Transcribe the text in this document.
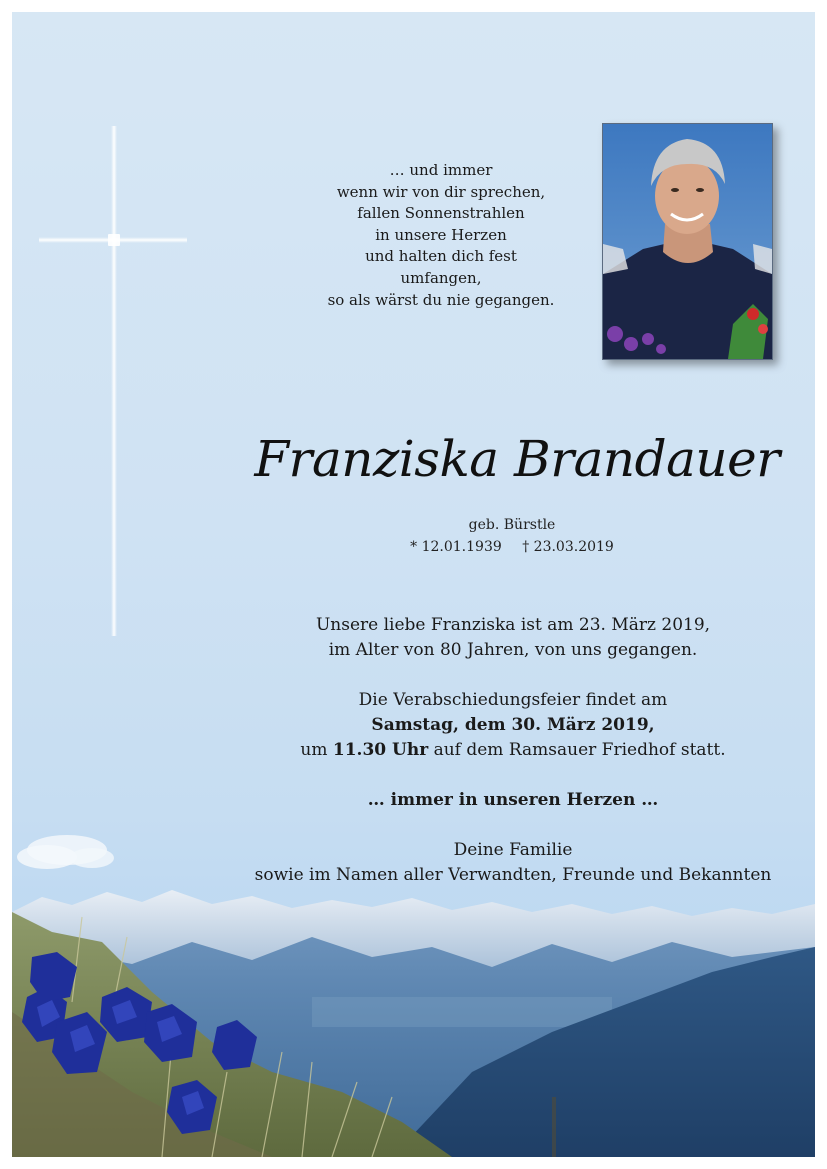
… und immer
wenn wir von dir sprechen,
fallen Sonnenstrahlen
in unsere Herzen
und halten dich fest
umfangen,
so als wärst du nie gegangen.
Franziska Brandauer
geb. Bürstle
* 12.01.1939 † 23.03.2019
Unsere liebe Franziska ist am 23. März 2019,
im Alter von 80 Jahren, von uns gegangen.
Die Verabschiedungsfeier findet am
Samstag, dem 30. März 2019,
um 11.30 Uhr auf dem Ramsauer Friedhof statt.
… immer in unseren Herzen …
Deine Familie
sowie im Namen aller Verwandten, Freunde und Bekannten
